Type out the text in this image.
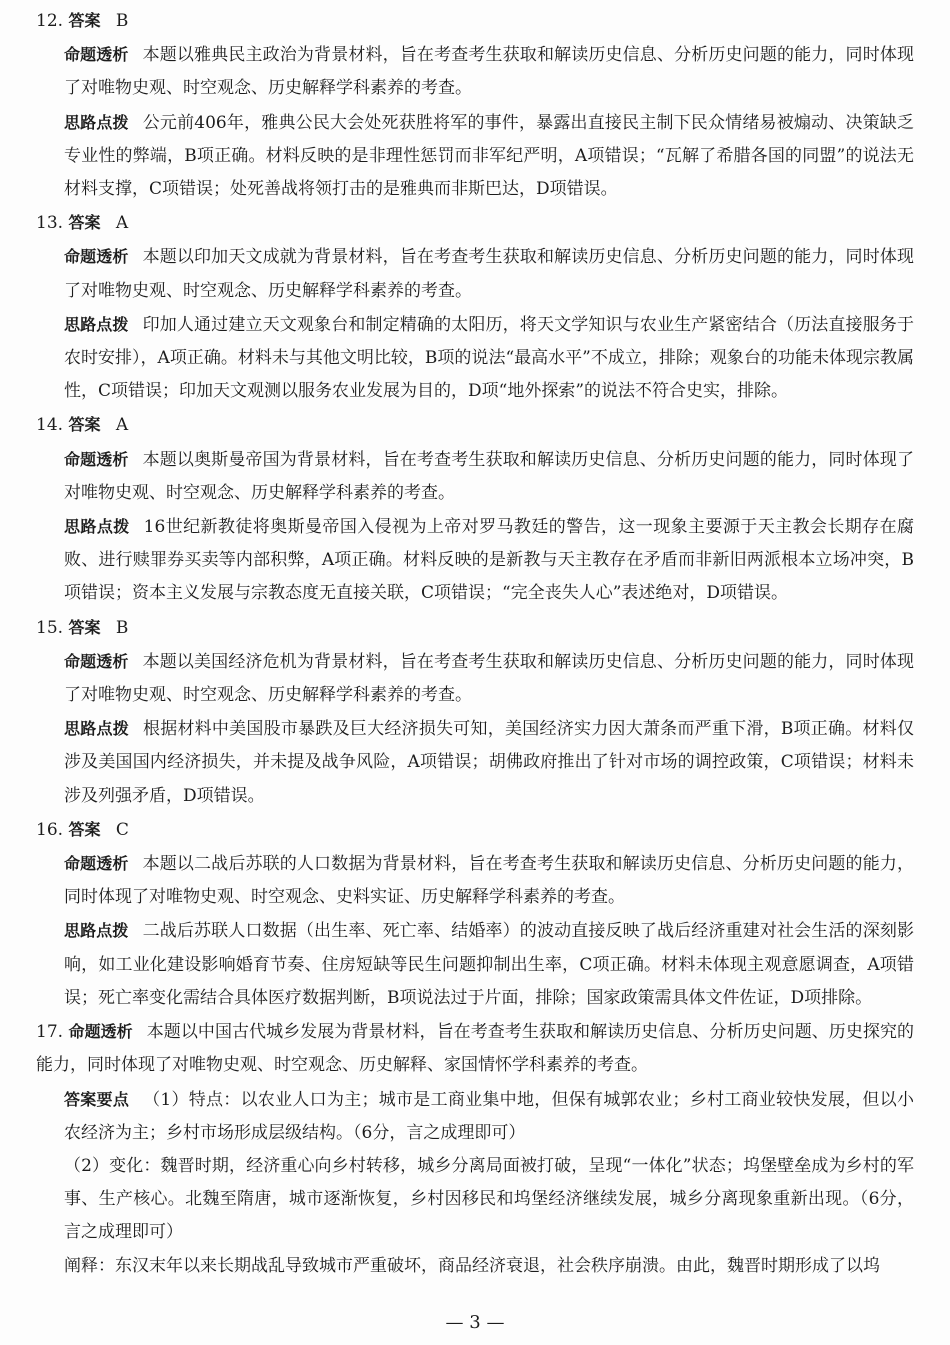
12. 答案 B

命题透析 本题以雅典民主政治为背景材料，旨在考查考生获取和解读历史信息、分析历史问题的能力，同时体现了对唯物史观、时空观念、历史解释学科素养的考查。

思路点拨 公元前406年，雅典公民大会处死获胜将军的事件，暴露出直接民主制下民众情绪易被煽动、决策缺乏专业性的弊端，B项正确。材料反映的是非理性惩罚而非军纪严明，A项错误；“瓦解了希腊各国的同盟”的说法无材料支撑，C项错误；处死善战将领打击的是雅典而非斯巴达，D项错误。

13. 答案 A

命题透析 本题以印加天文成就为背景材料，旨在考查考生获取和解读历史信息、分析历史问题的能力，同时体现了对唯物史观、时空观念、历史解释学科素养的考查。

思路点拨 印加人通过建立天文观象台和制定精确的太阳历，将天文学知识与农业生产紧密结合（历法直接服务于农时安排），A项正确。材料未与其他文明比较，B项的说法“最高水平”不成立，排除；观象台的功能未体现宗教属性，C项错误；印加天文观测以服务农业发展为目的，D项“地外探索”的说法不符合史实，排除。

14. 答案 A

命题透析 本题以奥斯曼帝国为背景材料，旨在考查考生获取和解读历史信息、分析历史问题的能力，同时体现了对唯物史观、时空观念、历史解释学科素养的考查。

思路点拨 16世纪新教徒将奥斯曼帝国入侵视为上帝对罗马教廷的警告，这一现象主要源于天主教会长期存在腐败、进行赎罪券买卖等内部积弊，A项正确。材料反映的是新教与天主教存在矛盾而非新旧两派根本立场冲突，B项错误；资本主义发展与宗教态度无直接关联，C项错误；“完全丧失人心”表述绝对，D项错误。

15. 答案 B

命题透析 本题以美国经济危机为背景材料，旨在考查考生获取和解读历史信息、分析历史问题的能力，同时体现了对唯物史观、时空观念、历史解释学科素养的考查。

思路点拨 根据材料中美国股市暴跌及巨大经济损失可知，美国经济实力因大萧条而严重下滑，B项正确。材料仅涉及美国国内经济损失，并未提及战争风险，A项错误；胡佛政府推出了针对市场的调控政策，C项错误；材料未涉及列强矛盾，D项错误。

16. 答案 C

命题透析 本题以二战后苏联的人口数据为背景材料，旨在考查考生获取和解读历史信息、分析历史问题的能力，同时体现了对唯物史观、时空观念、史料实证、历史解释学科素养的考查。

思路点拨 二战后苏联人口数据（出生率、死亡率、结婚率）的波动直接反映了战后经济重建对社会生活的深刻影响，如工业化建设影响婚育节奏、住房短缺等民生问题抑制出生率，C项正确。材料未体现主观意愿调查，A项错误；死亡率变化需结合具体医疗数据判断，B项说法过于片面，排除；国家政策需具体文件佐证，D项排除。

17. 命题透析 本题以中国古代城乡发展为背景材料，旨在考查考生获取和解读历史信息、分析历史问题、历史探究的能力，同时体现了对唯物史观、时空观念、历史解释、家国情怀学科素养的考查。

答案要点 （1）特点：以农业人口为主；城市是工商业集中地，但保有城郭农业；乡村工商业较快发展，但以小农经济为主；乡村市场形成层级结构。（6分，言之成理即可）

（2）变化：魏晋时期，经济重心向乡村转移，城乡分离局面被打破，呈现“一体化”状态；坞堡壁垒成为乡村的军事、生产核心。北魏至隋唐，城市逐渐恢复，乡村因移民和坞堡经济继续发展，城乡分离现象重新出现。（6分，言之成理即可）

阐释：东汉末年以来长期战乱导致城市严重破坏，商品经济衰退，社会秩序崩溃。由此，魏晋时期形成了以坞

— 3 —
